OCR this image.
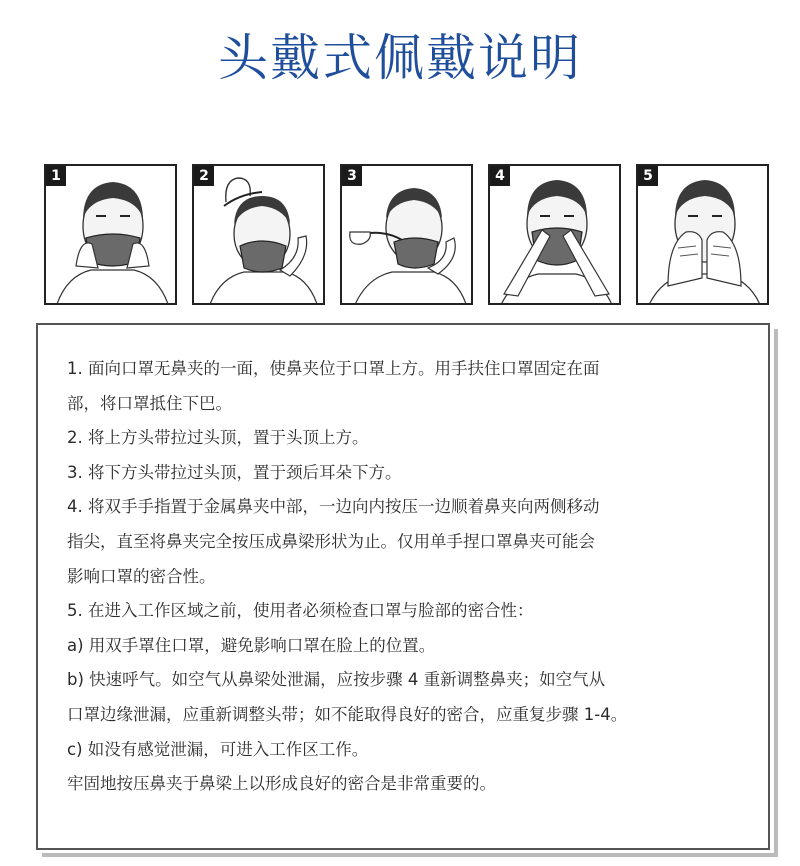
头戴式佩戴说明
1	2	3	4	5
1. 面向口罩无鼻夹的一面，使鼻夹位于口罩上方。用手扶住口罩固定在面
部，将口罩抵住下巴。
2. 将上方头带拉过头顶，置于头顶上方。
3. 将下方头带拉过头顶，置于颈后耳朵下方。
4. 将双手手指置于金属鼻夹中部，一边向内按压一边顺着鼻夹向两侧移动
指尖，直至将鼻夹完全按压成鼻梁形状为止。仅用单手捏口罩鼻夹可能会
影响口罩的密合性。
5. 在进入工作区域之前，使用者必须检查口罩与脸部的密合性：
a) 用双手罩住口罩，避免影响口罩在脸上的位置。
b) 快速呼气。如空气从鼻梁处泄漏，应按步骤 4 重新调整鼻夹；如空气从
口罩边缘泄漏，应重新调整头带；如不能取得良好的密合，应重复步骤 1-4。
c) 如没有感觉泄漏，可进入工作区工作。
牢固地按压鼻夹于鼻梁上以形成良好的密合是非常重要的。
